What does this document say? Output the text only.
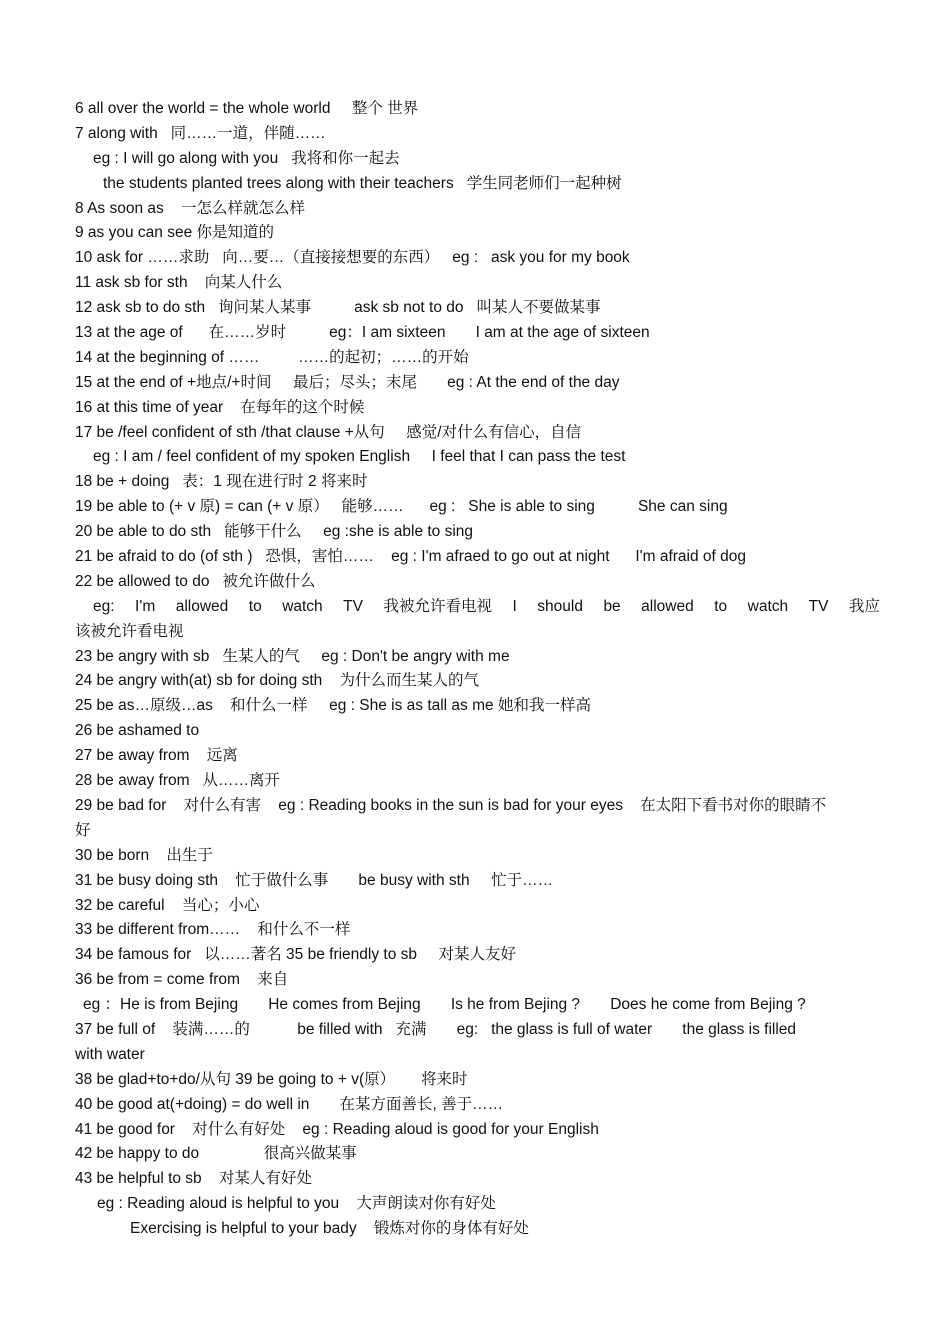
6 all over the world = the whole world     整个 世界
7 along with   同……一道，伴随……
eg : I will go along with you   我将和你一起去
the students planted trees along with their teachers   学生同老师们一起种树
8 As soon as    一怎么样就怎么样
9 as you can see 你是知道的
10 ask for ……求助   向…要…（直接接想要的东西）   eg :   ask you for my book
11 ask sb for sth    向某人什么
12 ask sb to do sth   询问某人某事          ask sb not to do   叫某人不要做某事
13 at the age of      在……岁时          eg：I am sixteen       I am at the age of sixteen
14 at the beginning of ……         ……的起初；……的开始
15 at the end of +地点/+时间     最后；尽头；末尾       eg : At the end of the day
16 at this time of year    在每年的这个时候
17 be /feel confident of sth /that clause +从句     感觉/对什么有信心，自信
eg : I am / feel confident of my spoken English     I feel that I can pass the test
18 be + doing   表：1 现在进行时 2 将来时
19 be able to (+ v 原) = can (+ v 原）   能够……      eg :   She is able to sing          She can sing
20 be able to do sth   能够干什么     eg :she is able to sing
21 be afraid to do (of sth )   恐惧，害怕……    eg : I'm afraed to go out at night      I'm afraid of dog
22 be allowed to do   被允许做什么
eg: I'm allowed to watch TV 我被允许看电视 I should be allowed to watch TV 我应
该被允许看电视
23 be angry with sb   生某人的气     eg : Don't be angry with me
24 be angry with(at) sb for doing sth    为什么而生某人的气
25 be as…原级…as    和什么一样     eg : She is as tall as me 她和我一样高
26 be ashamed to
27 be away from    远离
28 be away from   从……离开
29 be bad for    对什么有害    eg : Reading books in the sun is bad for your eyes    在太阳下看书对你的眼睛不
好
30 be born    出生于
31 be busy doing sth    忙于做什么事       be busy with sth     忙于……
32 be careful    当心；小心
33 be different from……    和什么不一样
34 be famous for   以……著名 35 be friendly to sb     对某人友好
36 be from = come from    来自
eg ：He is from Bejing       He comes from Bejing       Is he from Bejing ?       Does he come from Bejing ?
37 be full of    装满……的           be filled with   充满       eg:   the glass is full of water       the glass is filled
with water
38 be glad+to+do/从句 39 be going to + v(原）      将来时
40 be good at(+doing) = do well in       在某方面善长, 善于……
41 be good for    对什么有好处    eg : Reading aloud is good for your English
42 be happy to do               很高兴做某事
43 be helpful to sb    对某人有好处
eg : Reading aloud is helpful to you    大声朗读对你有好处
Exercising is helpful to your bady    锻炼对你的身体有好处
